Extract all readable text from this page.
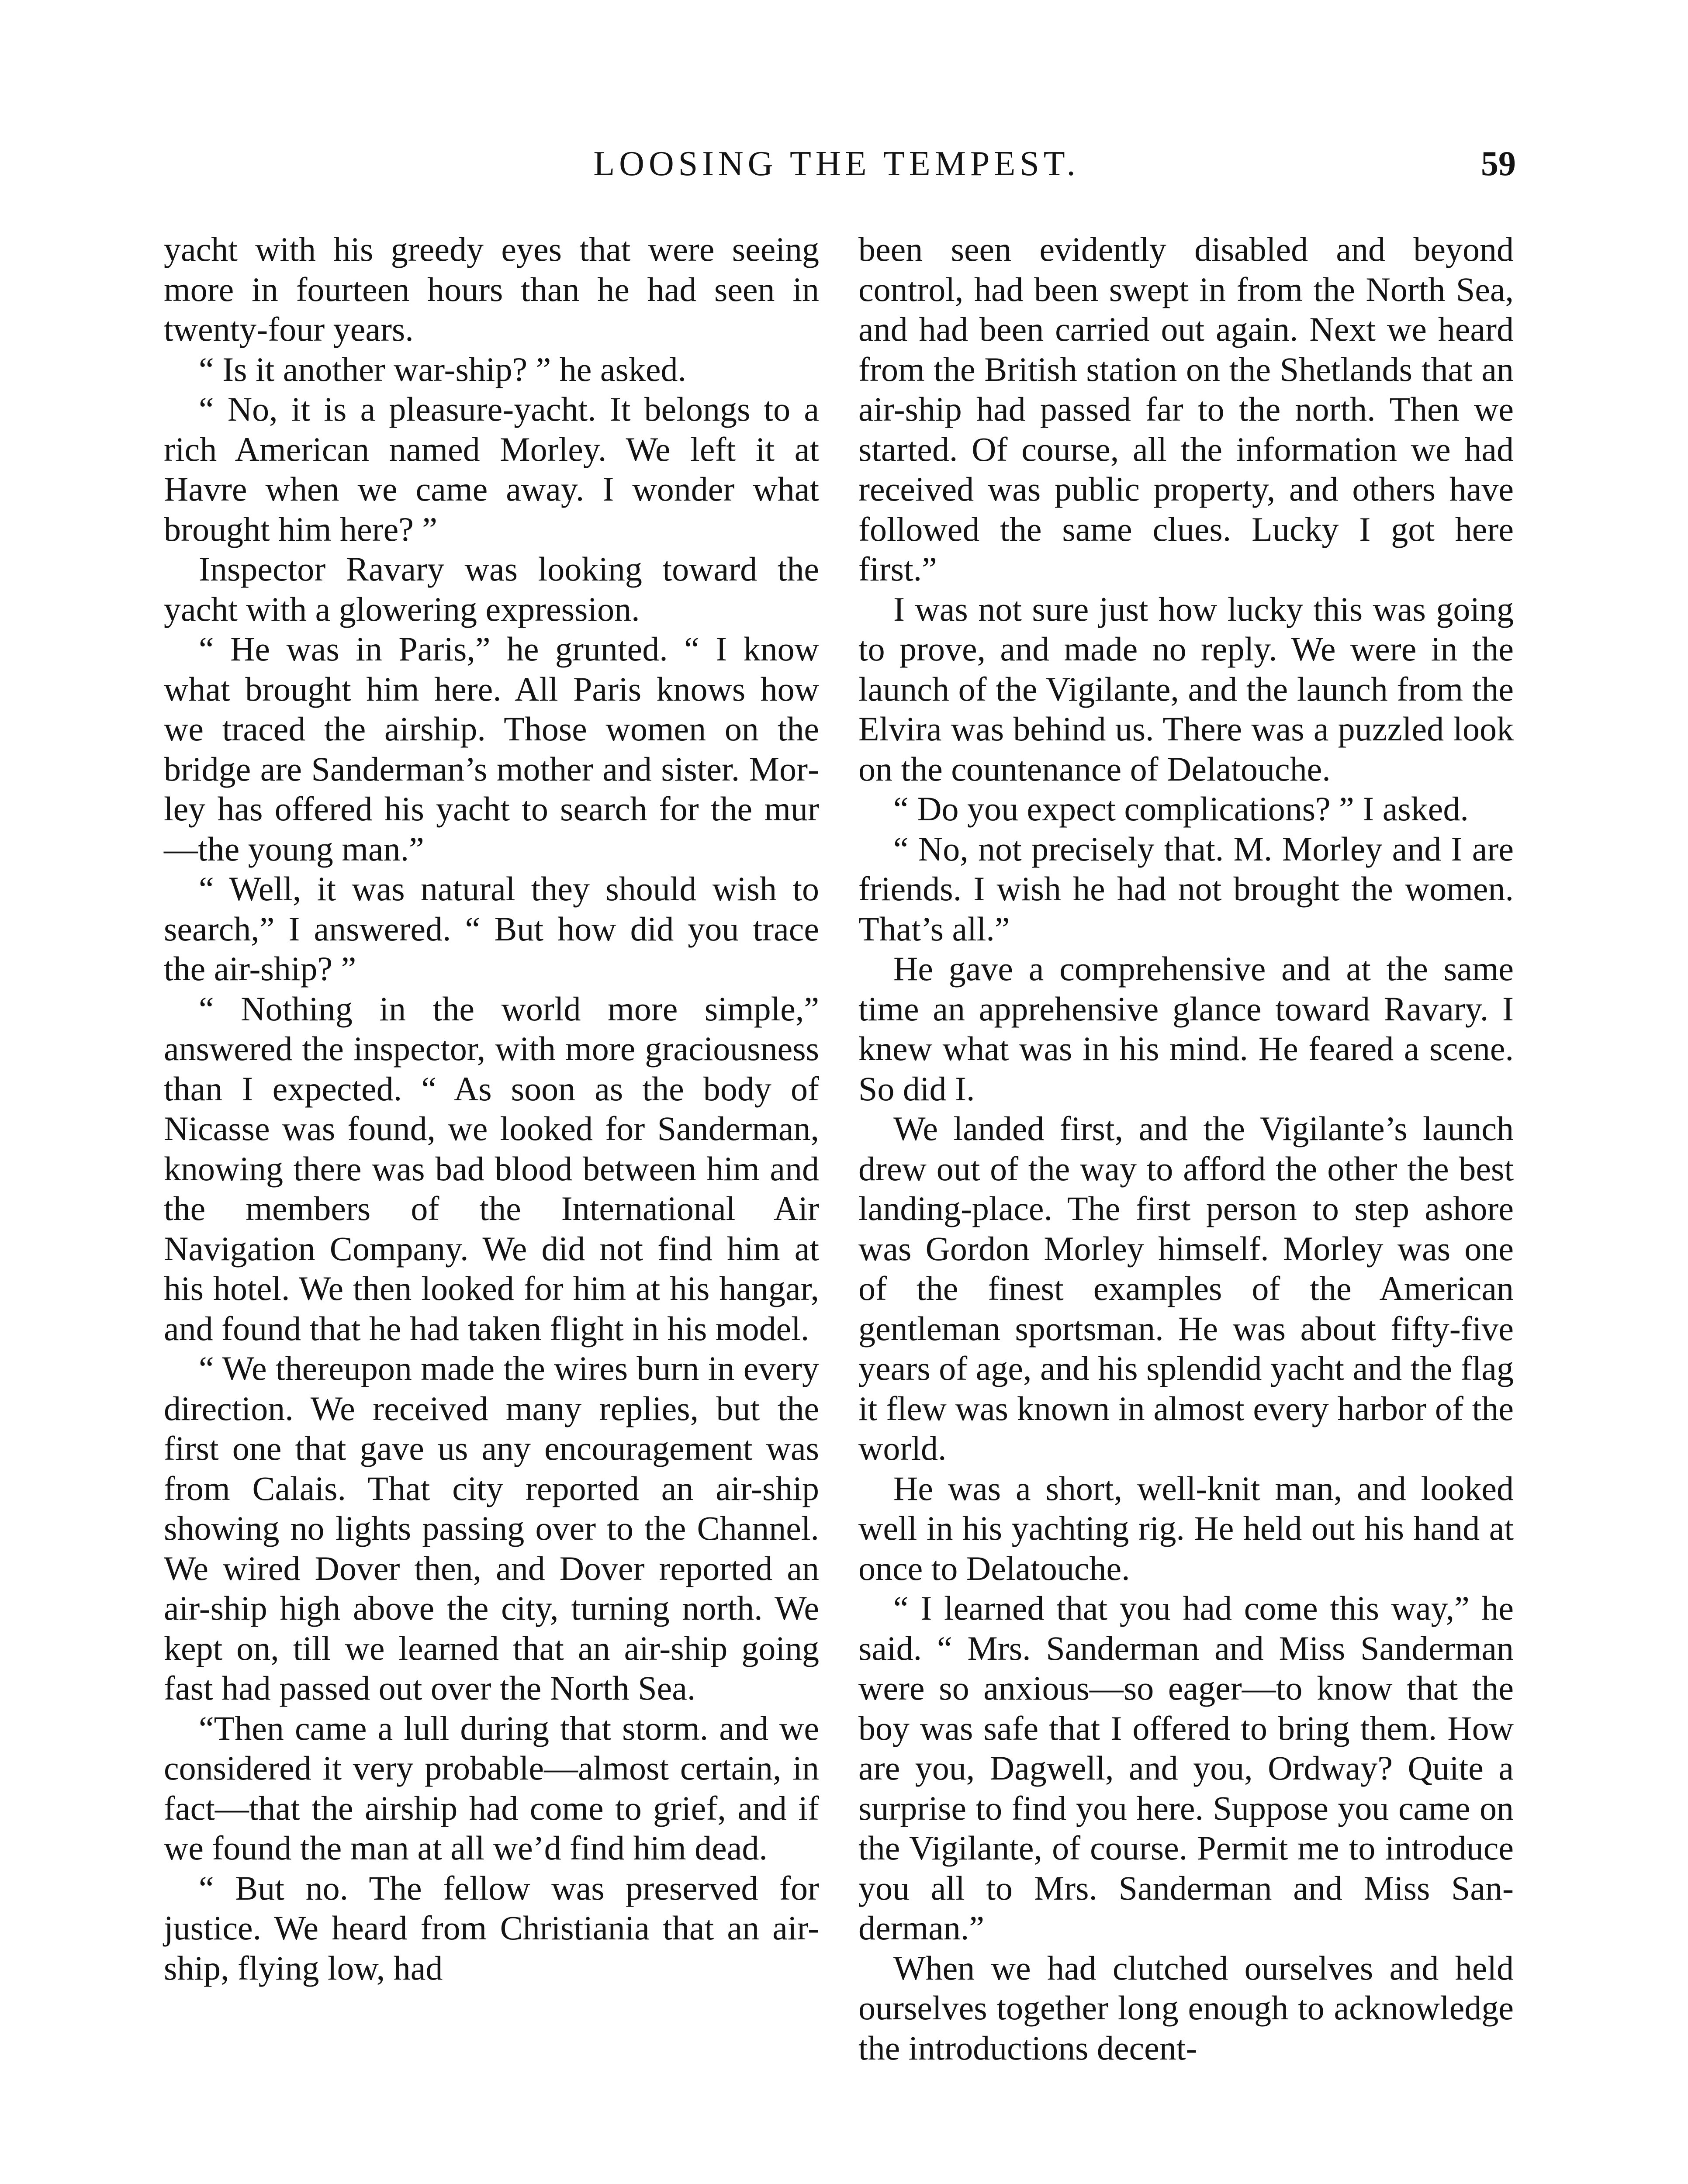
LOOSING THE TEMPEST.	59

yacht with his greedy eyes that were seeing more in fourteen hours than he had seen in twenty-four years.

“ Is it another war-ship? ” he asked.

“ No, it is a pleasure-yacht. It belongs to a rich American named Morley. We left it at Havre when we came away. I wonder what brought him here? ”

Inspector Ravary was looking toward the yacht with a glowering expression.

“ He was in Paris,” he grunted. “ I know what brought him here. All Paris knows how we traced the airship. Those women on the bridge are Sanderman’s mother and sister. Morley has offered his yacht to search for the mur—the young man.”

“ Well, it was natural they should wish to search,” I answered. “ But how did you trace the air-ship? ”

“ Nothing in the world more simple,” answered the inspector, with more graciousness than I expected. “ As soon as the body of Nicasse was found, we looked for Sanderman, knowing there was bad blood between him and the members of the International Air Navigation Company. We did not find him at his hotel. We then looked for him at his hangar, and found that he had taken flight in his model.

“ We thereupon made the wires burn in every direction. We received many replies, but the first one that gave us any encouragement was from Calais. That city reported an air-ship showing no lights passing over to the Channel. We wired Dover then, and Dover reported an air-ship high above the city, turning north. We kept on, till we learned that an air-ship going fast had passed out over the North Sea.

“Then came a lull during that storm. and we considered it very probable—almost certain, in fact—that the airship had come to grief, and if we found the man at all we’d find him dead.

“ But no. The fellow was preserved for justice. We heard from Christiania that an air-ship, flying low, had

been seen evidently disabled and beyond control, had been swept in from the North Sea, and had been carried out again. Next we heard from the British station on the Shetlands that an air-ship had passed far to the north. Then we started. Of course, all the information we had received was public property, and others have followed the same clues. Lucky I got here first.”

I was not sure just how lucky this was going to prove, and made no reply. We were in the launch of the Vigilante, and the launch from the Elvira was behind us. There was a puzzled look on the countenance of Delatouche.

“ Do you expect complications? ” I asked.

“ No, not precisely that. M. Morley and I are friends. I wish he had not brought the women. That’s all.”

He gave a comprehensive and at the same time an apprehensive glance toward Ravary. I knew what was in his mind. He feared a scene. So did I.

We landed first, and the Vigilante’s launch drew out of the way to afford the other the best landing-place. The first person to step ashore was Gordon Morley himself. Morley was one of the finest examples of the American gentleman sportsman. He was about fifty-five years of age, and his splendid yacht and the flag it flew was known in almost every harbor of the world.

He was a short, well-knit man, and looked well in his yachting rig. He held out his hand at once to Delatouche.

“ I learned that you had come this way,” he said. “ Mrs. Sanderman and Miss Sanderman were so anxious—so eager—to know that the boy was safe that I offered to bring them. How are you, Dagwell, and you, Ordway? Quite a surprise to find you here. Suppose you came on the Vigilante, of course. Permit me to introduce you all to Mrs. Sanderman and Miss Sanderman.”

When we had clutched ourselves and held ourselves together long enough to acknowledge the introductions decent-
